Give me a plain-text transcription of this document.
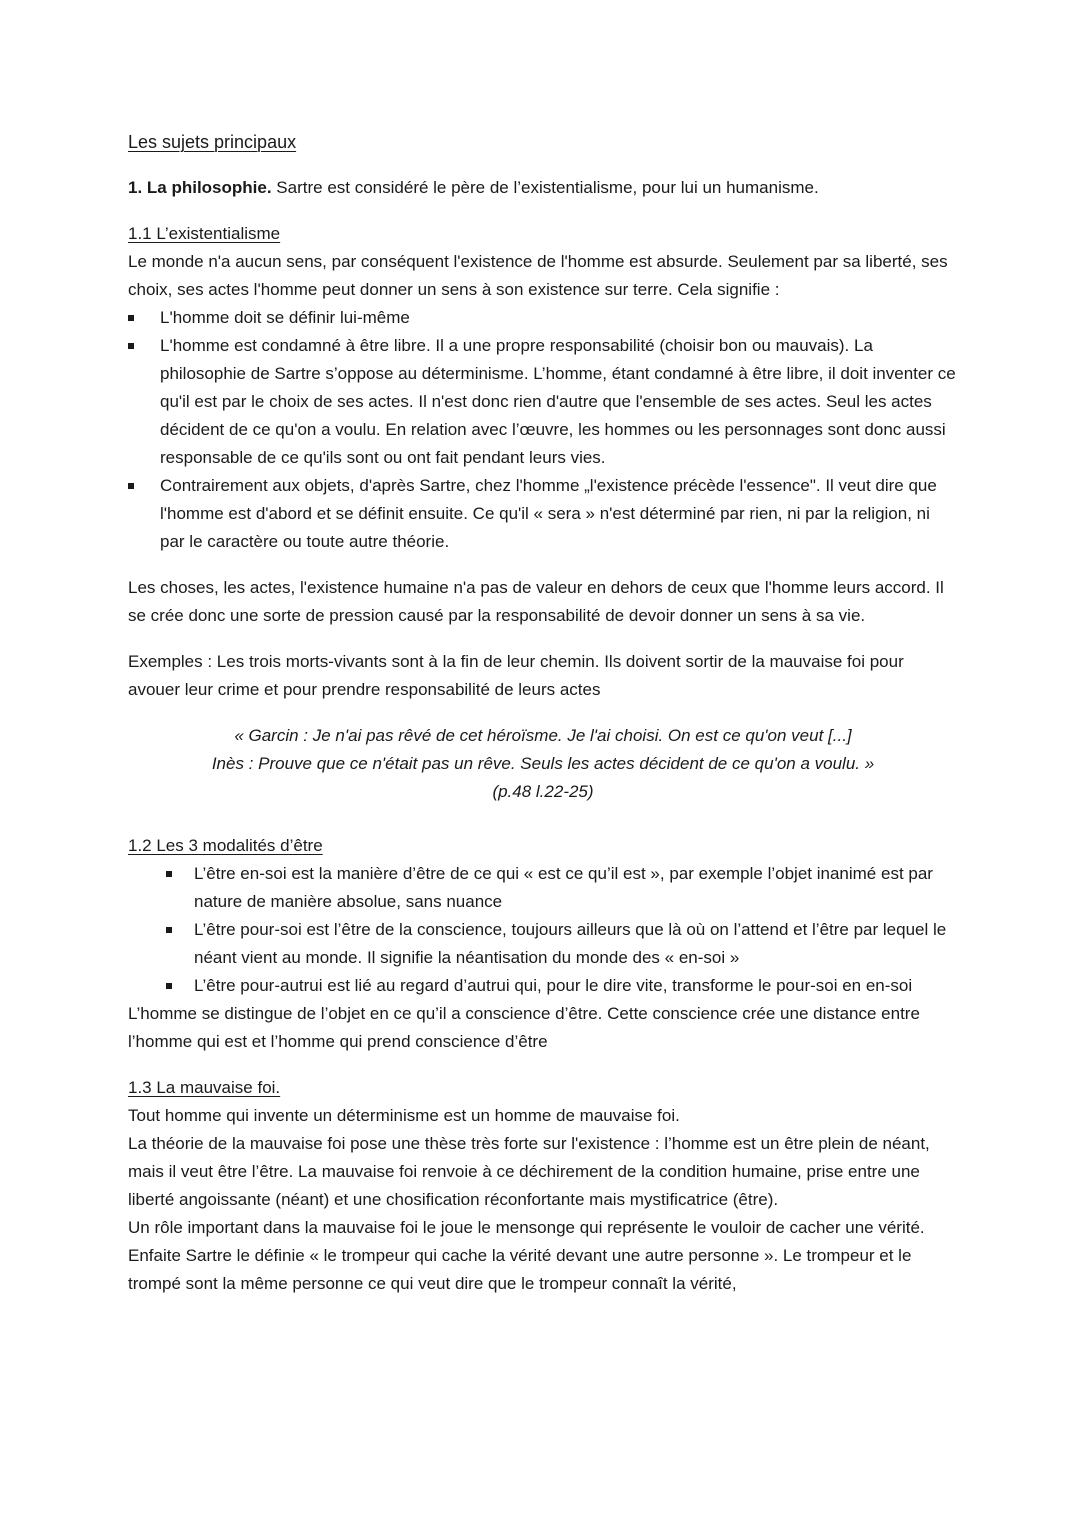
Les sujets principaux

1. La philosophie. Sartre est considéré le père de l’existentialisme, pour lui un humanisme.

1.1 L’existentialisme

Le monde n'a aucun sens, par conséquent l'existence de l'homme est absurde. Seulement par sa liberté, ses choix, ses actes l'homme peut donner un sens à son existence sur terre. Cela signifie :

L'homme doit se définir lui-même
L'homme est condamné à être libre. Il a une propre responsabilité (choisir bon ou mauvais). La philosophie de Sartre s’oppose au déterminisme. L’homme, étant condamné à être libre, il doit inventer ce qu'il est par le choix de ses actes. Il n'est donc rien d'autre que l'ensemble de ses actes. Seul les actes décident de ce qu'on a voulu. En relation avec l’œuvre, les hommes ou les personnages sont donc aussi responsable de ce qu'ils sont ou ont fait pendant leurs vies.
Contrairement aux objets, d'après Sartre, chez l'homme „l'existence précède l'essence". Il veut dire que l'homme est d'abord et se définit ensuite. Ce qu'il « sera » n'est déterminé par rien, ni par la religion, ni par le caractère ou toute autre théorie.

Les choses, les actes, l'existence humaine n'a pas de valeur en dehors de ceux que l'homme leurs accord. Il se crée donc une sorte de pression causé par la responsabilité de devoir donner un sens à sa vie.

Exemples : Les trois morts-vivants sont à la fin de leur chemin. Ils doivent sortir de la mauvaise foi pour avouer leur crime et pour prendre responsabilité de leurs actes

« Garcin : Je n'ai pas rêvé de cet héroïsme. Je l'ai choisi. On est ce qu'on veut [...]

Inès : Prouve que ce n'était pas un rêve. Seuls les actes décident de ce qu'on a voulu. »

(p.48 l.22-25)

1.2 Les 3 modalités d’être

L’être en-soi est la manière d’être de ce qui « est ce qu’il est », par exemple l’objet inanimé est par nature de manière absolue, sans nuance
L’être pour-soi est l’être de la conscience, toujours ailleurs que là où on l’attend et l’être par lequel le néant vient au monde. Il signifie la néantisation du monde des « en-soi »
L’être pour-autrui est lié au regard d’autrui qui, pour le dire vite, transforme le pour-soi en en-soi

L’homme se distingue de l’objet en ce qu’il a conscience d’être. Cette conscience crée une distance entre l’homme qui est et l’homme qui prend conscience d’être

1.3 La mauvaise foi.

Tout homme qui invente un déterminisme est un homme de mauvaise foi.

La théorie de la mauvaise foi pose une thèse très forte sur l'existence : l’homme est un être plein de néant, mais il veut être l’être. La mauvaise foi renvoie à ce déchirement de la condition humaine, prise entre une liberté angoissante (néant) et une chosification réconfortante mais mystificatrice (être).

Un rôle important dans la mauvaise foi le joue le mensonge qui représente le vouloir de cacher une vérité. Enfaite Sartre le définie « le trompeur qui cache la vérité devant une autre personne ». Le trompeur et le trompé sont la même personne ce qui veut dire que le trompeur connaît la vérité,
